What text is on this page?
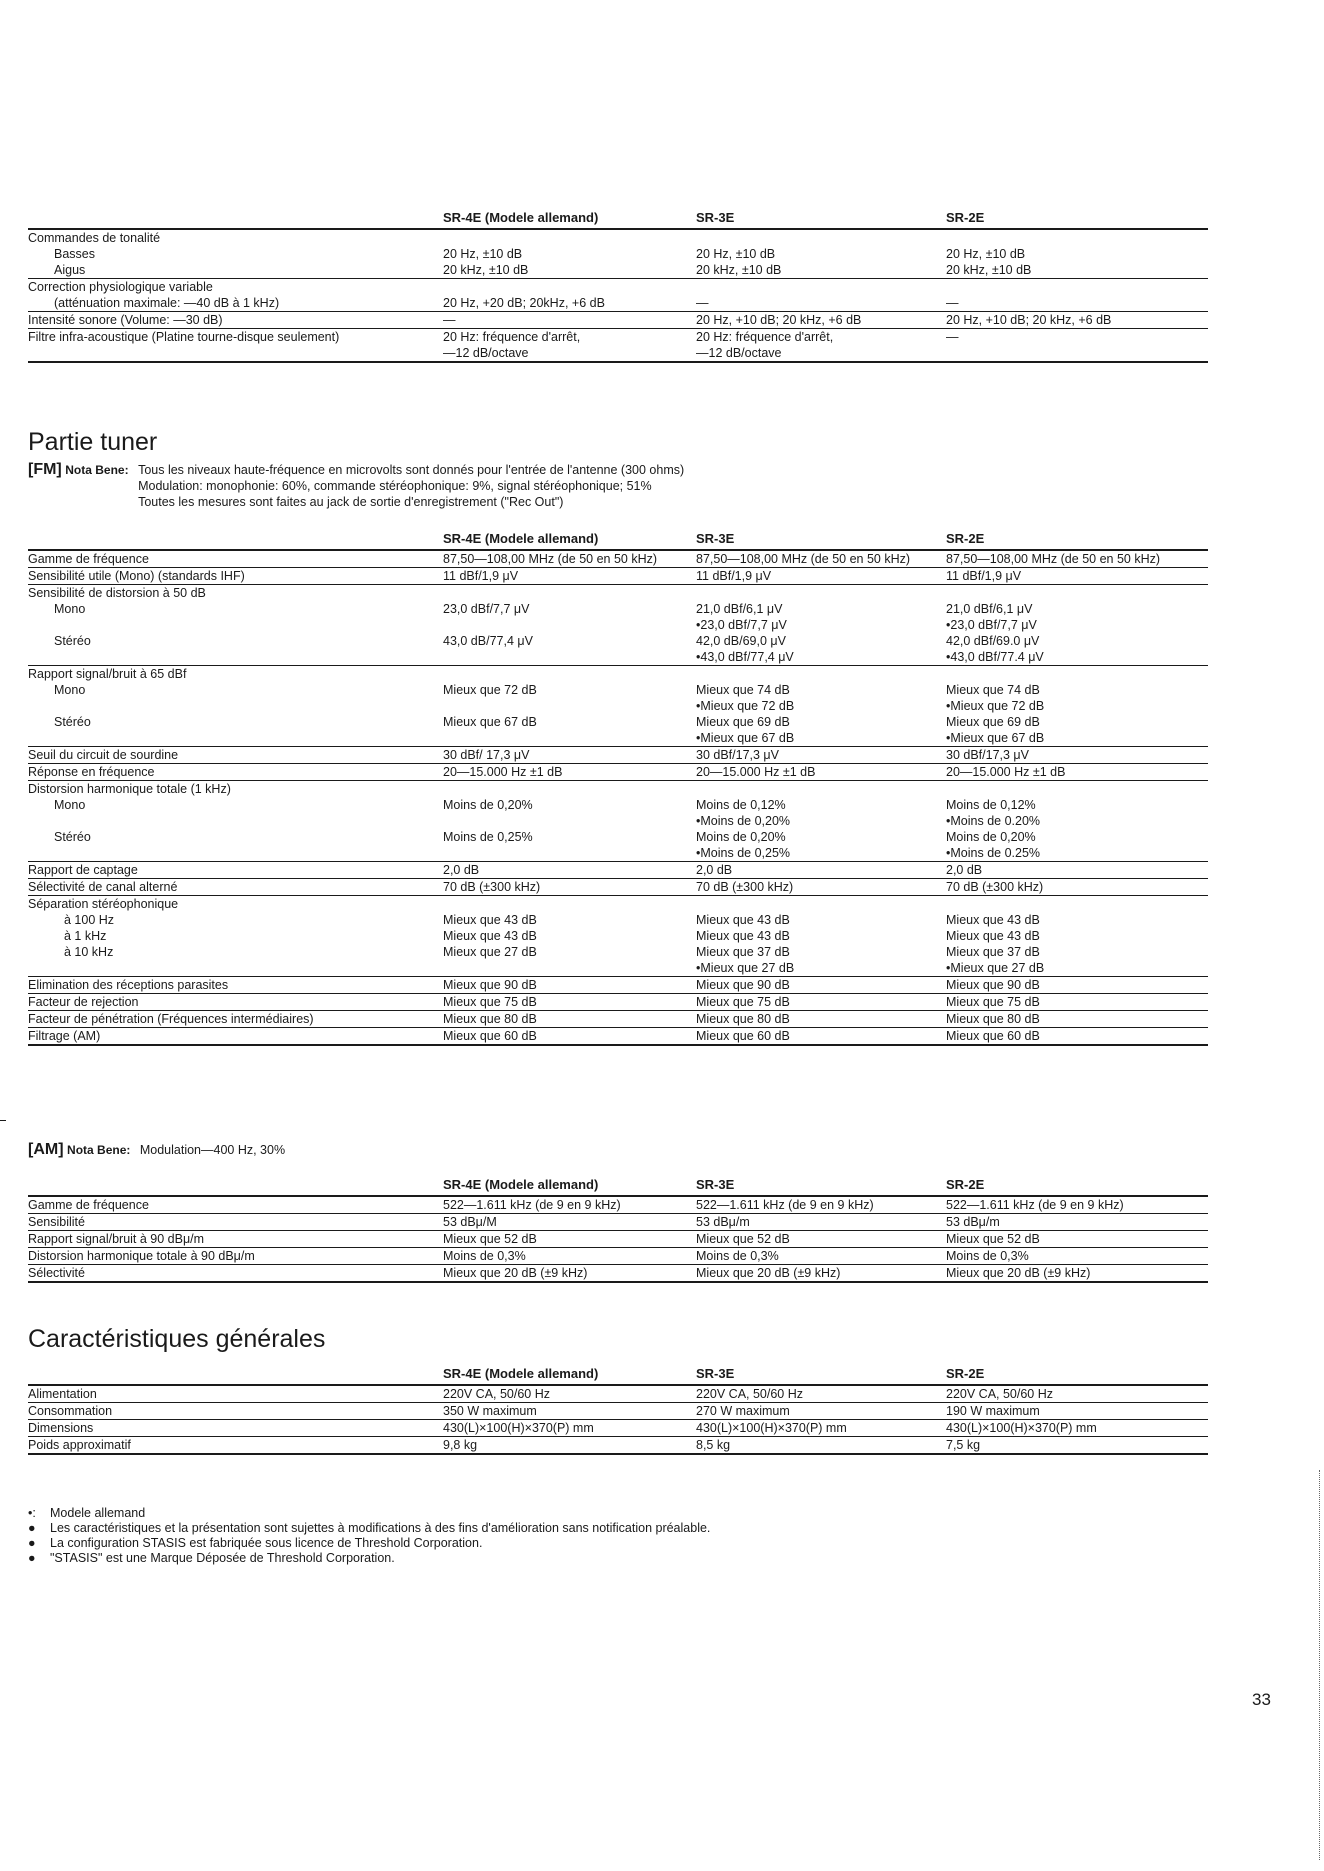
	SR-4E (Modele allemand)	SR-3E	SR-2E
Commandes de tonalité			
Basses	20 Hz, ±10 dB	20 Hz, ±10 dB	20 Hz, ±10 dB
Aigus	20 kHz, ±10 dB	20 kHz, ±10 dB	20 kHz, ±10 dB
Correction physiologique variable			
(atténuation maximale: —40 dB à 1 kHz)	20 Hz, +20 dB; 20kHz, +6 dB	—	—
Intensité sonore (Volume: —30 dB)	—	20 Hz, +10 dB; 20 kHz, +6 dB	20 Hz, +10 dB; 20 kHz, +6 dB
Filtre infra-acoustique (Platine tourne-disque seulement)	20 Hz: fréquence d'arrêt,	20 Hz: fréquence d'arrêt,	—
	—12 dB/octave	—12 dB/octave	
Partie tuner
[FM] Nota Bene: Tous les niveaux haute-fréquence en microvolts sont donnés pour l'entrée de l'antenne (300 ohms)
Modulation: monophonie: 60%, commande stéréophonique: 9%, signal stéréophonique; 51%
Toutes les mesures sont faites au jack de sortie d'enregistrement ("Rec Out")
	SR-4E (Modele allemand)	SR-3E	SR-2E
Gamme de fréquence	87,50—108,00 MHz (de 50 en 50 kHz)	87,50—108,00 MHz (de 50 en 50 kHz)	87,50—108,00 MHz (de 50 en 50 kHz)
Sensibilité utile (Mono) (standards IHF)	11 dBf/1,9 μV	11 dBf/1,9 μV	11 dBf/1,9 μV
Sensibilité de distorsion à 50 dB			
Mono	23,0 dBf/7,7 μV	21,0 dBf/6,1 μV	21,0 dBf/6,1 μV
		•23,0 dBf/7,7 μV	•23,0 dBf/7,7 μV
Stéréo	43,0 dB/77,4 μV	42,0 dB/69,0 μV	42,0 dBf/69.0 μV
		•43,0 dBf/77,4 μV	•43,0 dBf/77.4 μV
Rapport signal/bruit à 65 dBf			
Mono	Mieux que 72 dB	Mieux que 74 dB	Mieux que 74 dB
		•Mieux que 72 dB	•Mieux que 72 dB
Stéréo	Mieux que 67 dB	Mieux que 69 dB	Mieux que 69 dB
		•Mieux que 67 dB	•Mieux que 67 dB
Seuil du circuit de sourdine	30 dBf/ 17,3 μV	30 dBf/17,3 μV	30 dBf/17,3 μV
Réponse en fréquence	20—15.000 Hz ±1 dB	20—15.000 Hz ±1 dB	20—15.000 Hz ±1 dB
Distorsion harmonique totale (1 kHz)			
Mono	Moins de 0,20%	Moins de 0,12%	Moins de 0,12%
		•Moins de 0,20%	•Moins de 0.20%
Stéréo	Moins de 0,25%	Moins de 0,20%	Moins de 0,20%
		•Moins de 0,25%	•Moins de 0.25%
Rapport de captage	2,0 dB	2,0 dB	2,0 dB
Sélectivité de canal alterné	70 dB (±300 kHz)	70 dB (±300 kHz)	70 dB (±300 kHz)
Séparation stéréophonique			
à 100 Hz	Mieux que 43 dB	Mieux que 43 dB	Mieux que 43 dB
à 1 kHz	Mieux que 43 dB	Mieux que 43 dB	Mieux que 43 dB
à 10 kHz	Mieux que 27 dB	Mieux que 37 dB	Mieux que 37 dB
		•Mieux que 27 dB	•Mieux que 27 dB
Elimination des réceptions parasites	Mieux que 90 dB	Mieux que 90 dB	Mieux que 90 dB
Facteur de rejection	Mieux que 75 dB	Mieux que 75 dB	Mieux que 75 dB
Facteur de pénétration (Fréquences intermédiaires)	Mieux que 80 dB	Mieux que 80 dB	Mieux que 80 dB
Filtrage (AM)	Mieux que 60 dB	Mieux que 60 dB	Mieux que 60 dB
[AM] Nota Bene: Modulation—400 Hz, 30%
	SR-4E (Modele allemand)	SR-3E	SR-2E
Gamme de fréquence	522—1.611 kHz (de 9 en 9 kHz)	522—1.611 kHz (de 9 en 9 kHz)	522—1.611 kHz (de 9 en 9 kHz)
Sensibilité	53 dBμ/M	53 dBμ/m	53 dBμ/m
Rapport signal/bruit à 90 dBμ/m	Mieux que 52 dB	Mieux que 52 dB	Mieux que 52 dB
Distorsion harmonique totale à 90 dBμ/m	Moins de 0,3%	Moins de 0,3%	Moins de 0,3%
Sélectivité	Mieux que 20 dB (±9 kHz)	Mieux que 20 dB (±9 kHz)	Mieux que 20 dB (±9 kHz)
Caractéristiques générales
	SR-4E (Modele allemand)	SR-3E	SR-2E
Alimentation	220V CA, 50/60 Hz	220V CA, 50/60 Hz	220V CA, 50/60 Hz
Consommation	350 W maximum	270 W maximum	190 W maximum
Dimensions	430(L)×100(H)×370(P) mm	430(L)×100(H)×370(P) mm	430(L)×100(H)×370(P) mm
Poids approximatif	9,8 kg	8,5 kg	7,5 kg
•: Modele allemand
● Les caractéristiques et la présentation sont sujettes à modifications à des fins d'amélioration sans notification préalable.
● La configuration STASIS est fabriquée sous licence de Threshold Corporation.
● "STASIS" est une Marque Déposée de Threshold Corporation.
33
